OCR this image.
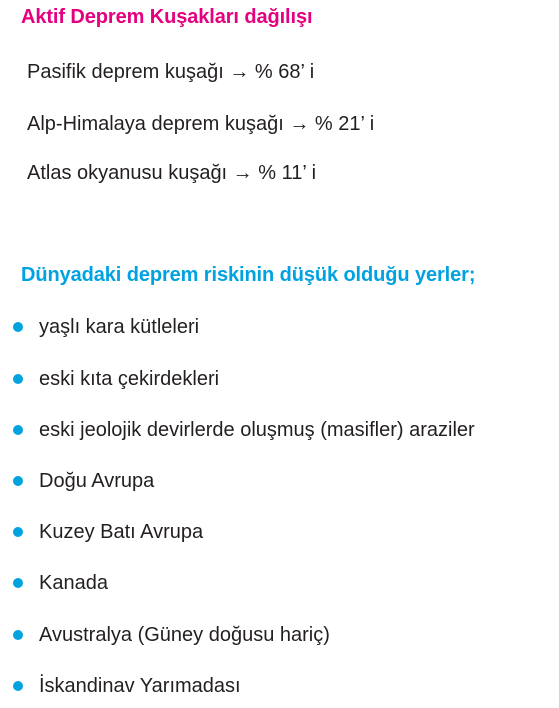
Aktif Deprem Kuşakları dağılışı
Pasifik deprem kuşağı → % 68’ i
Alp-Himalaya deprem kuşağı → % 21’ i
Atlas okyanusu kuşağı → % 11’ i
Dünyadaki deprem riskinin düşük olduğu yerler;
yaşlı kara kütleleri
eski kıta çekirdekleri
eski jeolojik devirlerde oluşmuş (masifler) araziler
Doğu Avrupa
Kuzey Batı Avrupa
Kanada
Avustralya (Güney doğusu hariç)
İskandinav Yarımadası
